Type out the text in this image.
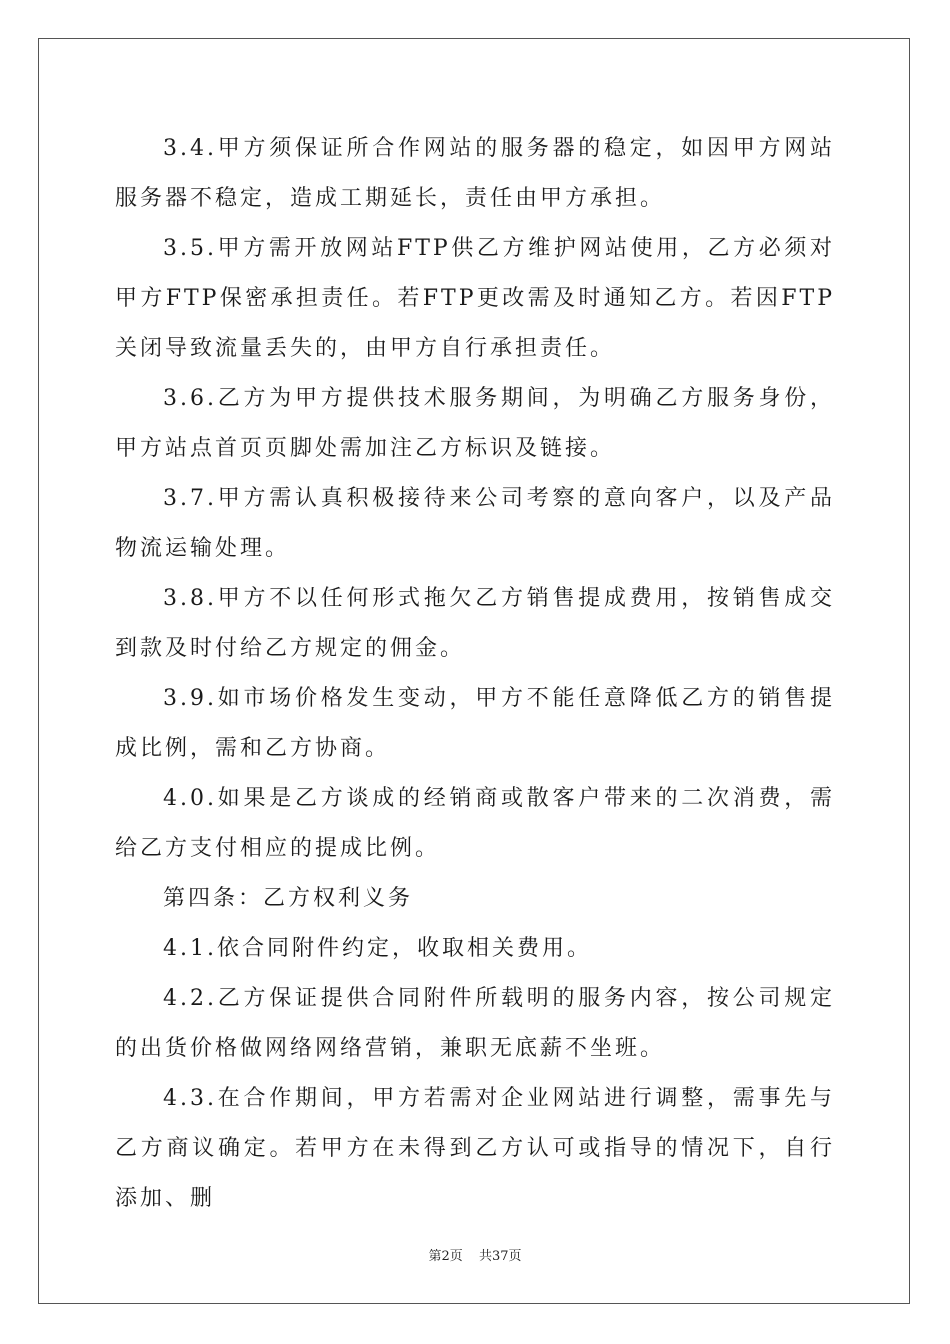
3.4.甲方须保证所合作网站的服务器的稳定，如因甲方网站服务器不稳定，造成工期延长，责任由甲方承担。

3.5.甲方需开放网站FTP供乙方维护网站使用，乙方必须对甲方FTP保密承担责任。若FTP更改需及时通知乙方。若因FTP关闭导致流量丢失的，由甲方自行承担责任。

3.6.乙方为甲方提供技术服务期间，为明确乙方服务身份，甲方站点首页页脚处需加注乙方标识及链接。

3.7.甲方需认真积极接待来公司考察的意向客户，以及产品物流运输处理。

3.8.甲方不以任何形式拖欠乙方销售提成费用，按销售成交到款及时付给乙方规定的佣金。

3.9.如市场价格发生变动，甲方不能任意降低乙方的销售提成比例，需和乙方协商。

4.0.如果是乙方谈成的经销商或散客户带来的二次消费，需给乙方支付相应的提成比例。

第四条：乙方权利义务

4.1.依合同附件约定，收取相关费用。

4.2.乙方保证提供合同附件所载明的服务内容，按公司规定的出货价格做网络网络营销，兼职无底薪不坐班。

4.3.在合作期间，甲方若需对企业网站进行调整，需事先与乙方商议确定。若甲方在未得到乙方认可或指导的情况下，自行添加、删

第2页 共37页
